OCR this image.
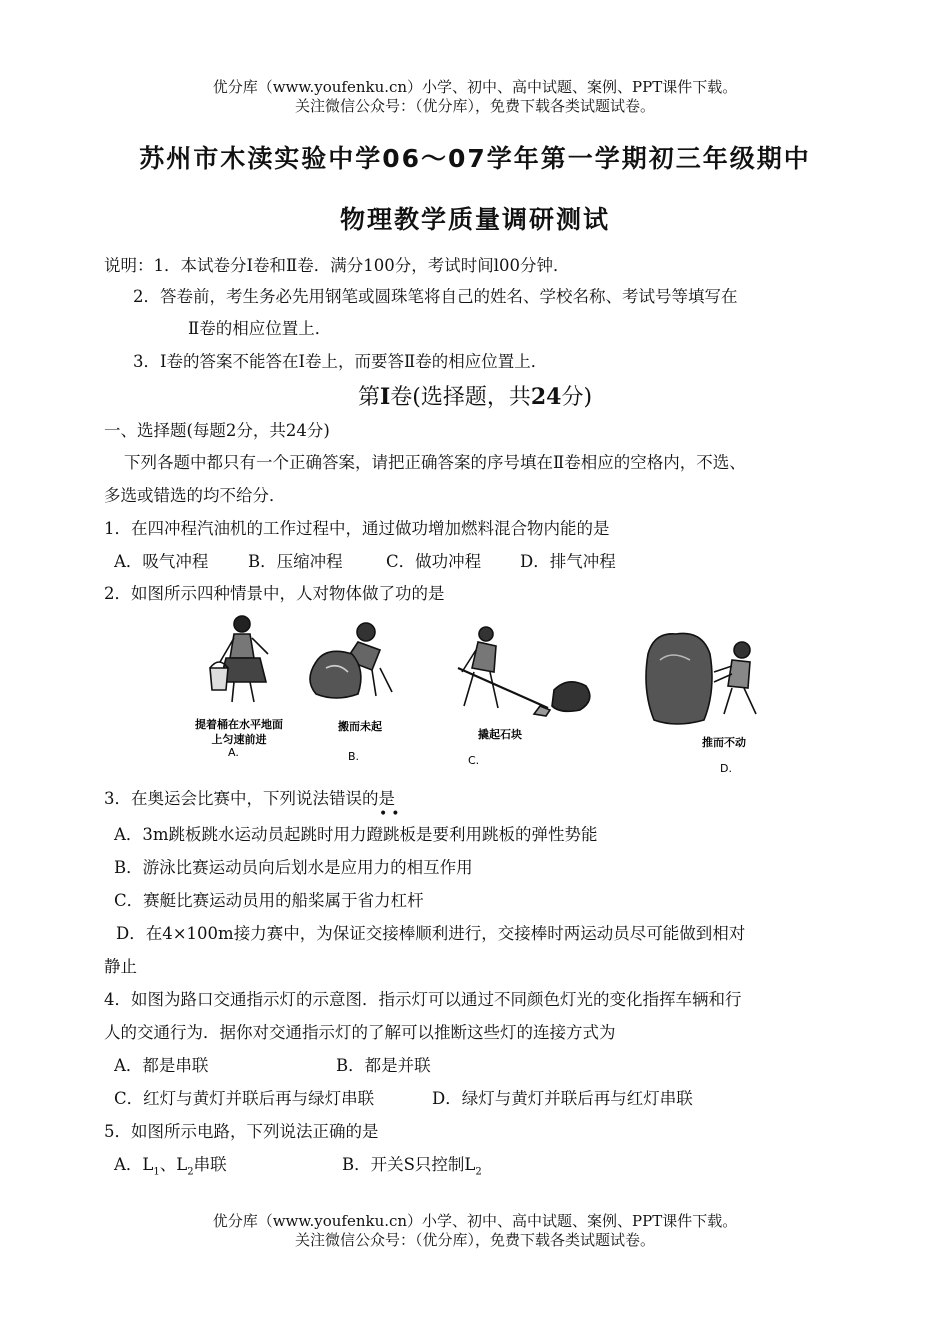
优分库（www.youfenku.cn）小学、初中、高中试题、案例、PPT课件下载。
关注微信公众号：（优分库），免费下载各类试题试卷。
苏州市木渎实验中学06～07学年第一学期初三年级期中
物理教学质量调研测试
说明：1．本试卷分Ⅰ卷和Ⅱ卷．满分100分，考试时间l00分钟．
2．答卷前，考生务必先用钢笔或圆珠笔将自己的姓名、学校名称、考试号等填写在
Ⅱ卷的相应位置上．
3．I卷的答案不能答在I卷上，而要答Ⅱ卷的相应位置上．
第I卷(选择题，共24分)
一、选择题(每题2分，共24分)
下列各题中都只有一个正确答案，请把正确答案的序号填在Ⅱ卷相应的空格内，不选、
多选或错选的均不给分．
1．在四冲程汽油机的工作过程中，通过做功增加燃料混合物内能的是
A．吸气冲程 B．压缩冲程	C．做功冲程 D．排气冲程
2．如图所示四种情景中，人对物体做了功的是
提着桶在水平地面
上匀速前进
A.
搬而未起
B.
撬起石块
C.
推而不动
D.
3．在奥运会比赛中，下列说法错误的是
••
A．3m跳板跳水运动员起跳时用力蹬跳板是要利用跳板的弹性势能
B．游泳比赛运动员向后划水是应用力的相互作用
C．赛艇比赛运动员用的船桨属于省力杠杆
D．在4×100m接力赛中，为保证交接棒顺利进行，交接棒时两运动员尽可能做到相对
静止
4．如图为路口交通指示灯的示意图．指示灯可以通过不同颜色灯光的变化指挥车辆和行
人的交通行为．据你对交通指示灯的了解可以推断这些灯的连接方式为
A．都是串联	B．都是并联
C．红灯与黄灯并联后再与绿灯串联	D．绿灯与黄灯并联后再与红灯串联
5．如图所示电路，下列说法正确的是
A．$L_1$、$L_2$串联	B．开关S只控制$L_2$
优分库（www.youfenku.cn）小学、初中、高中试题、案例、PPT课件下载。
关注微信公众号：（优分库），免费下载各类试题试卷。
